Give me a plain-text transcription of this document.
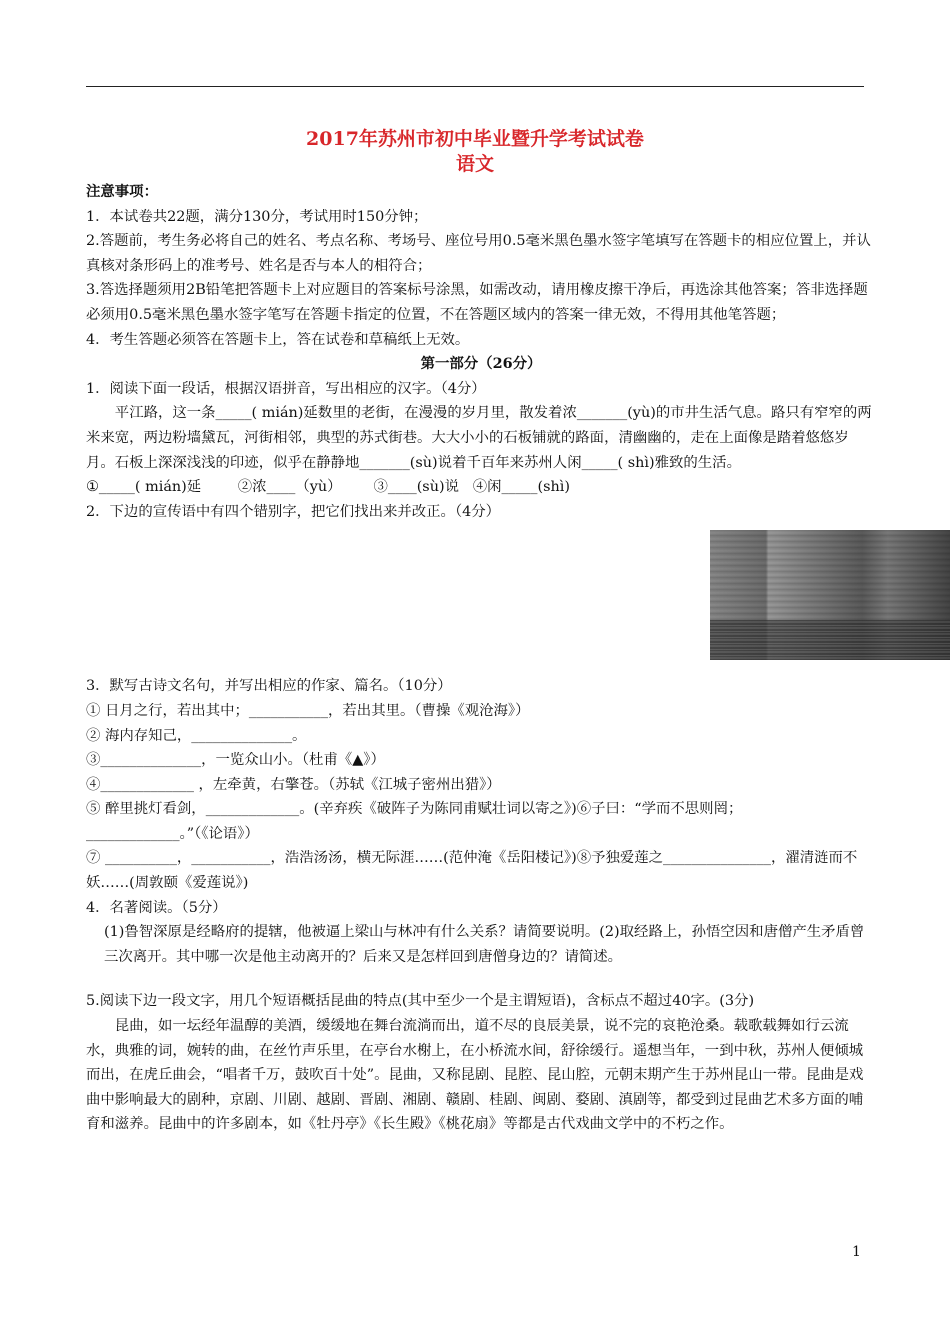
2017年苏州市初中毕业暨升学考试试卷
语文

注意事项：

1．本试卷共22题，满分130分，考试用时150分钟；

2.答题前，考生务必将自己的姓名、考点名称、考场号、座位号用0.5毫米黑色墨水签字笔填写在答题卡的相应位置上，并认真核对条形码上的准考号、姓名是否与本人的相符合；

3.答选择题须用2B铅笔把答题卡上对应题目的答案标号涂黑，如需改动，请用橡皮擦干净后，再选涂其他答案；答非选择题必须用0.5毫米黑色墨水签字笔写在答题卡指定的位置，不在答题区域内的答案一律无效，不得用其他笔答题；

4．考生答题必须答在答题卡上，答在试卷和草稿纸上无效。

第一部分（26分）

1．阅读下面一段话，根据汉语拼音，写出相应的汉字。（4分）

平江路，这一条_____( mián)延数里的老街，在漫漫的岁月里，散发着浓_______(yù)的市井生活气息。路只有窄窄的两米来宽，两边粉墙黛瓦，河街相邻，典型的苏式街巷。大大小小的石板铺就的路面，清幽幽的，走在上面像是踏着悠悠岁月。石板上深深浅浅的印迹，似乎在静静地_______(sù)说着千百年来苏州人闲_____( shì)雅致的生活。

①_____( mián)延        ②浓____（yù）       ③____(sù)说   ④闲_____(shì)

2．下边的宣传语中有四个错别字，把它们找出来并改正。（4分）

3．默写古诗文名句，并写出相应的作家、篇名。（10分）

① 日月之行，若出其中；___________，若出其里。（曹操《观沧海》）

② 海内存知己，______________。

③______________，一览众山小。（杜甫《▲》）

④_____________ ，左牵黄，右擎苍。（苏轼《江城子密州出猎》）

⑤ 醉里挑灯看剑，_____________。(辛弃疾《破阵子为陈同甫赋壮词以寄之》)⑥子曰：“学而不思则罔；_____________。”（《论语》）

⑦ __________，___________，浩浩汤汤，横无际涯……(范仲淹《岳阳楼记》)⑧予独爱莲之_______________，濯清涟而不妖……(周敦颐《爱莲说》)

4．名著阅读。（5分）

(1)鲁智深原是经略府的提辖，他被逼上梁山与林冲有什么关系？请简要说明。(2)取经路上，孙悟空因和唐僧产生矛盾曾三次离开。其中哪一次是他主动离开的？后来又是怎样回到唐僧身边的？请简述。

5.阅读下边一段文字，用几个短语概括昆曲的特点(其中至少一个是主谓短语)，含标点不超过40字。(3分)

昆曲，如一坛经年温醇的美酒，缓缓地在舞台流淌而出，道不尽的良辰美景，说不完的哀艳沧桑。载歌载舞如行云流水，典雅的词，婉转的曲，在丝竹声乐里，在亭台水榭上，在小桥流水间，舒徐缓行。遥想当年，一到中秋，苏州人便倾城而出，在虎丘曲会，“唱者千万，鼓吹百十处”。昆曲，又称昆剧、昆腔、昆山腔，元朝末期产生于苏州昆山一带。昆曲是戏曲中影响最大的剧种，京剧、川剧、越剧、晋剧、湘剧、赣剧、桂剧、闽剧、婺剧、滇剧等，都受到过昆曲艺术多方面的哺育和滋养。昆曲中的许多剧本，如《牡丹亭》《长生殿》《桃花扇》等都是古代戏曲文学中的不朽之作。

1
